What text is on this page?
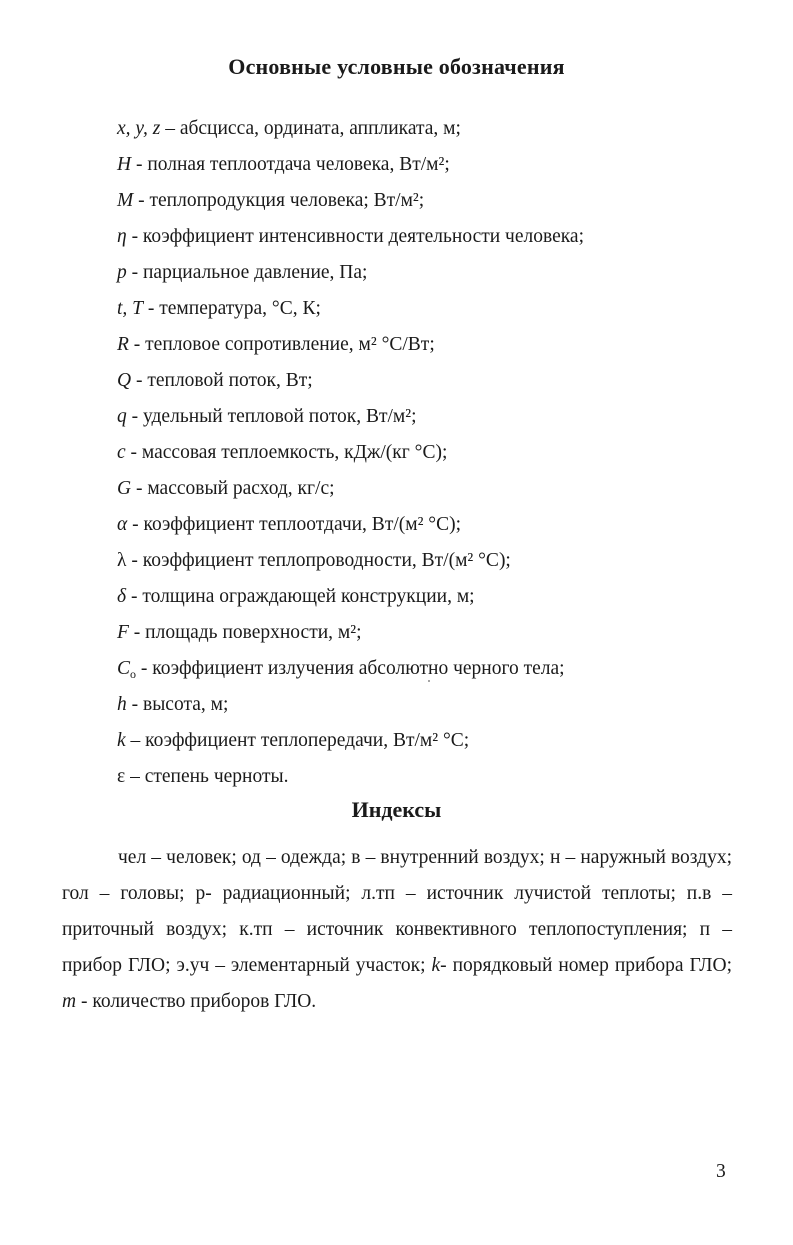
Основные условные обозначения
x, y, z – абсцисса, ордината, аппликата, м;
H - полная теплоотдача человека, Вт/м²;
M - теплопродукция человека; Вт/м²;
η - коэффициент интенсивности деятельности человека;
p - парциальное давление, Па;
t, T - температура, °С, К;
R - тепловое сопротивление, м² °С/Вт;
Q - тепловой поток, Вт;
q - удельный тепловой поток, Вт/м²;
c - массовая теплоемкость, кДж/(кг °С);
G - массовый расход, кг/с;
α - коэффициент теплоотдачи, Вт/(м² °С);
λ - коэффициент теплопроводности, Вт/(м² °С);
δ - толщина ограждающей конструкции, м;
F - площадь поверхности, м²;
$C_o$ - коэффициент излучения абсолютно черного тела;
h - высота, м;
k – коэффициент теплопередачи, Вт/м² °С;
ε – степень черноты.
Индексы
чел – человек; од – одежда; в – внутренний воздух; н – наружный воздух;
гол – головы; р- радиационный; л.тп – источник лучистой теплоты; п.в –
приточный воздух; к.тп – источник конвективного теплопоступления; п –
прибор ГЛО; э.уч – элементарный участок; k- порядковый номер прибора ГЛО;
m - количество приборов ГЛО.
3
